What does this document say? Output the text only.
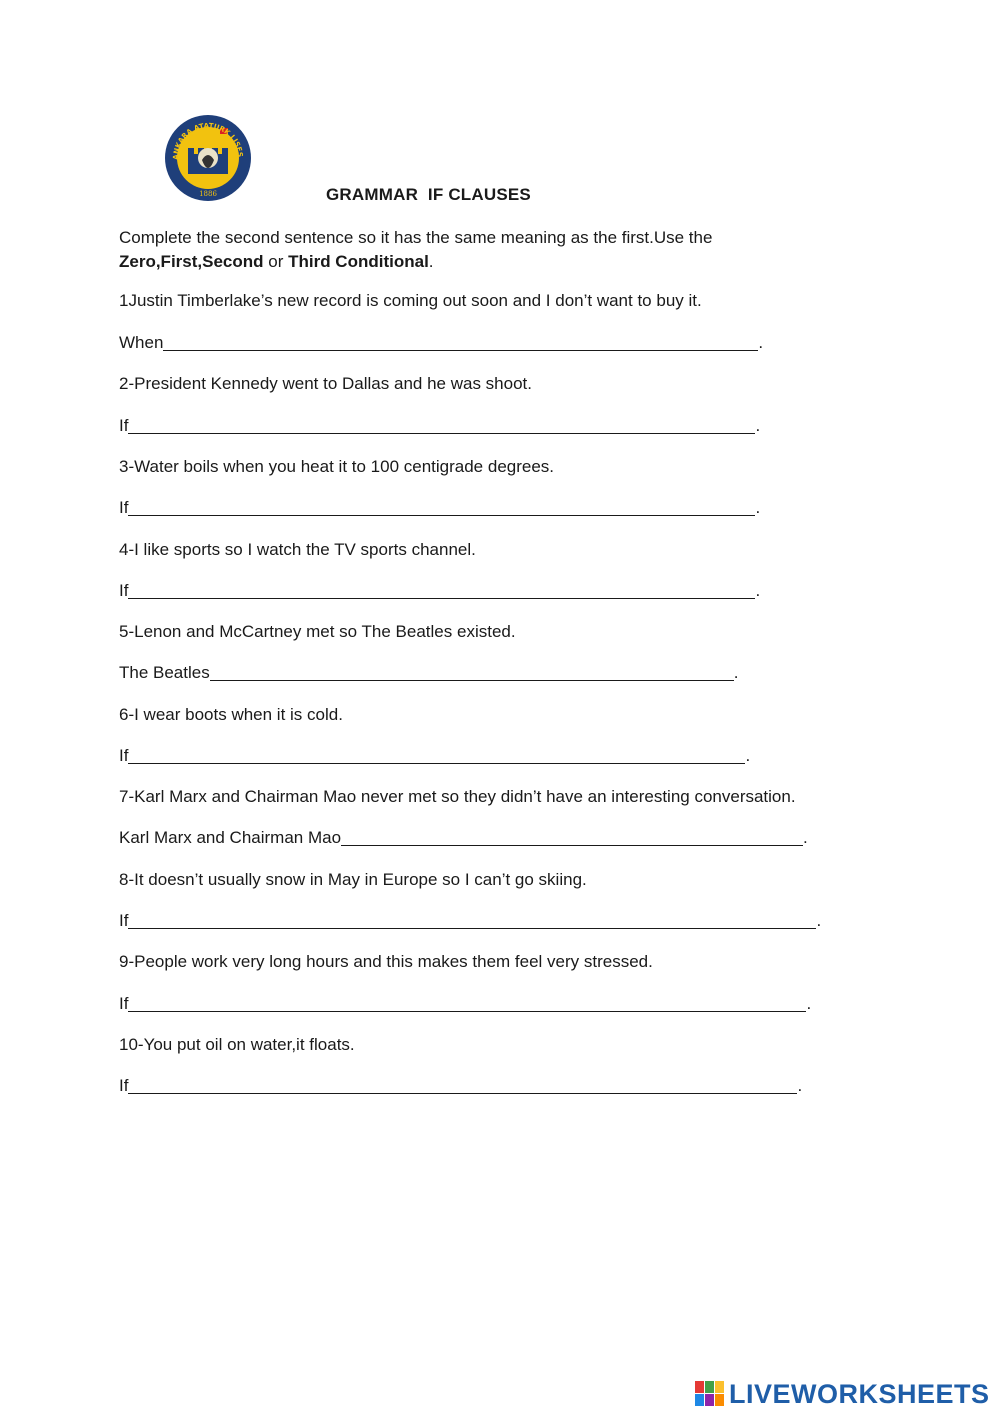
ANKARA ATATURK LISES
1886	GRAMMAR  IF CLAUSES
Complete the second sentence so it has the same meaning as the first.Use the
Zero,First,Second or Third Conditional.
1Justin Timberlake’s new record is coming out soon and I don’t want to buy it.
When	.
2-President Kennedy went to Dallas and he was shoot.
If	.
3-Water boils when you heat it to 100 centigrade degrees.
If	.
4-I like sports so I watch the TV sports channel.
If	.
5-Lenon and McCartney met so The Beatles existed.
The Beatles	.
6-I wear boots when it is cold.
If	.
7-Karl Marx and Chairman Mao never met so they didn’t have an interesting conversation.
Karl Marx and Chairman Mao	.
8-It doesn’t usually snow in May in Europe so I can’t go skiing.
If	.
9-People work very long hours and this makes them feel very stressed.
If	.
10-You put oil on water,it floats.
If	.
LIVEWORKSHEETS
